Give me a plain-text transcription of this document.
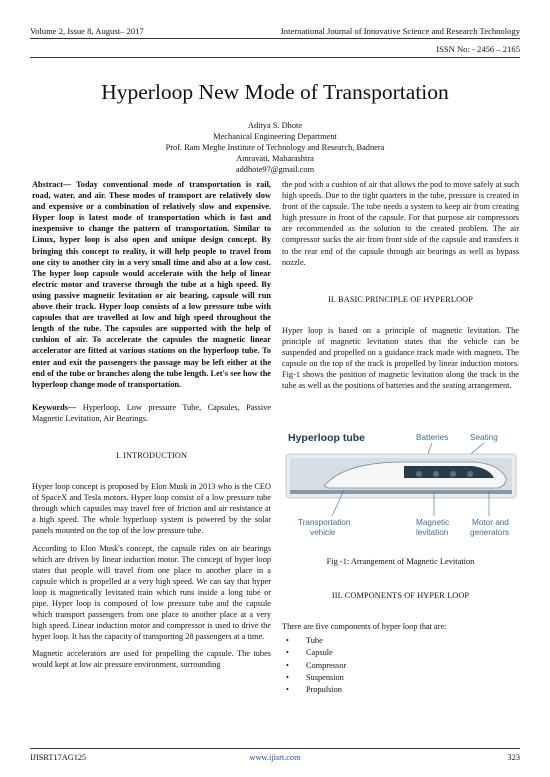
Volume 2, Issue 8, August– 2017	International Journal of Innovative Science and Research Technology
ISSN No: - 2456 – 2165
Hyperloop New Mode of Transportation
Aditya S. Dhote
Mechanical Engineering Department
Prof. Ram Meghe Institute of Technology and Research, Badnera
Amravati, Maharashtra
addhote97@gmail.com

Abstract— Today conventional mode of transportation is rail, road, water, and air. These modes of transport are relatively slow and expensive or a combination of relatively slow and expensive. Hyper loop is latest mode of transportation which is fast and inexpensive to change the pattern of transportation. Similar to Linux, hyper loop is also open and unique design concept. By bringing this concept to reality, it will help people to travel from one city to another city in a very small time and also at a low cost. The hyper loop capsule would accelerate with the help of linear electric motor and traverse through the tube at a high speed. By using passive magnetic levitation or air bearing, capsule will run above their track. Hyper loop consists of a low pressure tube with capsules that are travelled at low and high speed throughout the length of the tube. The capsules are supported with the help of cushion of air. To accelerate the capsules the magnetic linear accelerator are fitted at various stations on the hyperloop tube. To enter and exit the passengers the passage may be left either at the end of the tube or branches along the tube length. Let's see how the hyperloop change mode of transportation.

Keywords— Hyperloop, Low pressure Tube, Capsules, Passive Magnetic Levitation, Air Bearings.

I. INTRODUCTION

Hyper loop concept is proposed by Elon Musk in 2013 who is the CEO of SpaceX and Tesla motors. Hyper loop consist of a low pressure tube through which capsules may travel free of friction and air resistance at a high speed. The whole hyperloop system is powered by the solar panels mounted on the top of the low pressure tube.

According to Elon Musk's concept, the capsule rides on air bearings which are driven by linear induction motor. The concept of hyper loop states that people will travel from one place to another place in a capsule which is propelled at a very high speed. We can say that hyper loop is magnetically levitated train which runs inside a long tube or pipe. Hyper loop is composed of low pressure tube and the capsule which transport passengers from one place to another place at a very high speed. Linear induction motor and compressor is used to drive the hyper loop. It has the capacity of transporting 28 passengers at a time.

Magnetic accelerators are used for propelling the capsule. The tubes would kept at low air pressure environment, surrounding

the pod with a cushion of air that allows the pod to move safely at such high speeds. Due to the tight quarters in the tube, pressure is created in front of the capsule. The tube needs a system to keep air from creating high pressure in front of the capsule. For that purpose air compressors are recommended as the solution to the created problem. The air compressor sucks the air from front side of the capsule and transfers it to the rear end of the capsule through air bearings as well as bypass nozzle.

II. BASIC PRINCIPLE OF HYPERLOOP

Hyper loop is based on a principle of magnetic levitation. The principle of magnetic levitation states that the vehicle can be suspended and propelled on a guidance track made with magnets. The capsule on the top of the track is propelled by linear induction motors. Fig-1 shows the position of magnetic levitation along the track in the tube as well as the positions of batteries and the seating arrangement.

Hyperloop tube	Batteries	Seating
Transportation
vehicle
Magnetic
levitation
Motor and
generators
Fig -1: Arrangement of Magnetic Levitation

III. COMPONENTS OF HYPER LOOP

There are five components of hyper loop that are:

• Tube
• Capsule
• Compressor
• Suspension
• Propulsion
IJISRT17AG125	www.ijisrt.com	323
